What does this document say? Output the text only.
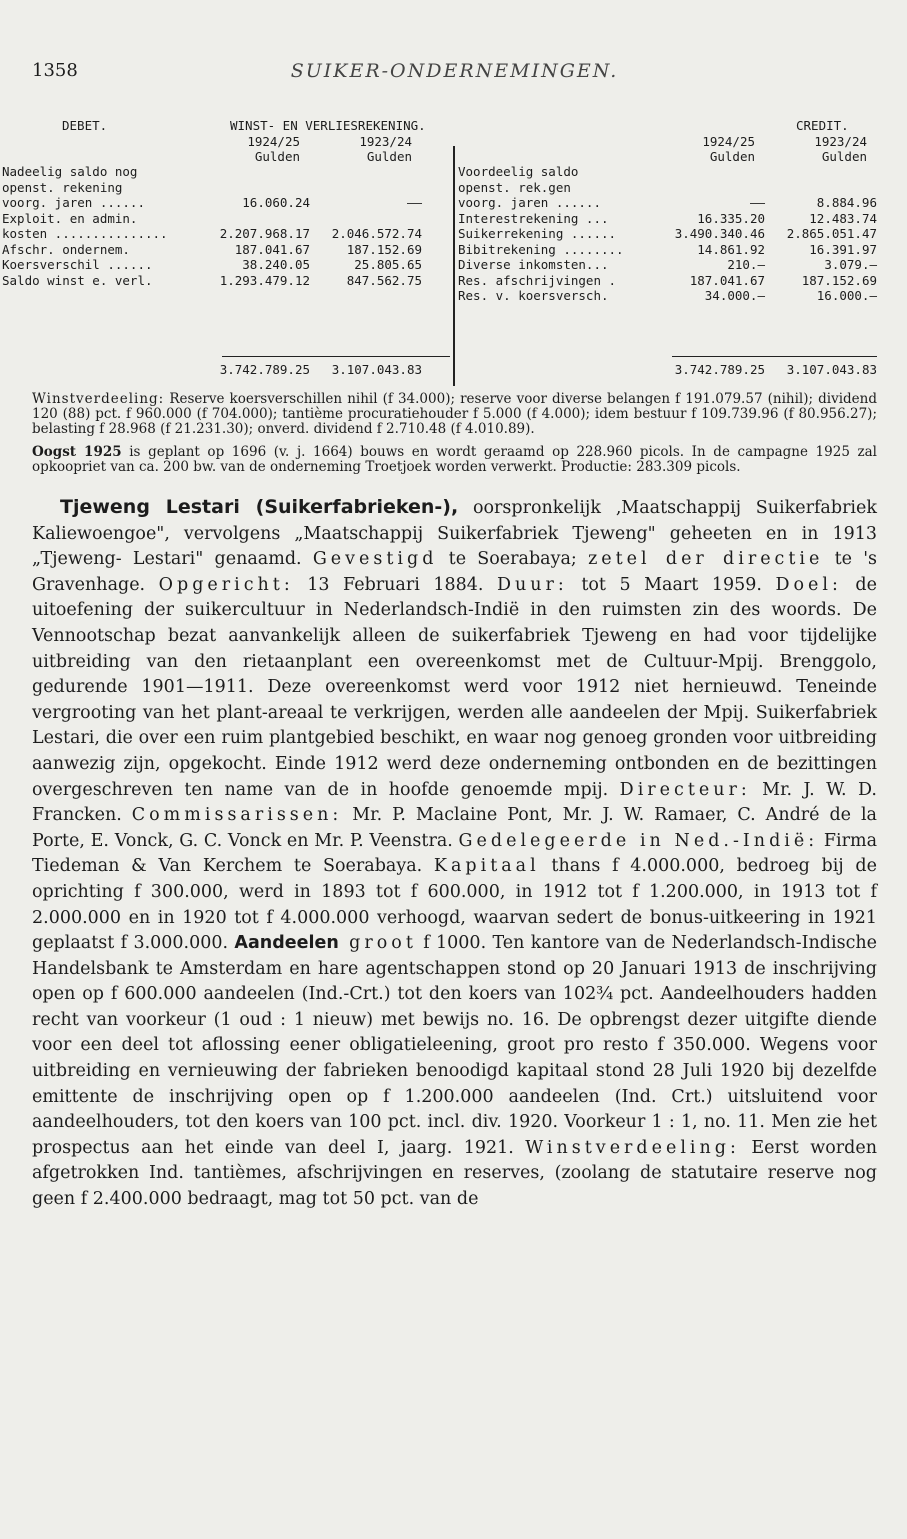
1358	SUIKER-ONDERNEMINGEN.
DEBET.	WINST- EN VERLIESREKENING.	CREDIT.
1924/25	1923/24	1924/25	1923/24
Gulden	Gulden	Gulden	Gulden
Nadeelig saldo nog
openst. rekening
voorg. jaren ......	16.060.24	——
Exploit. en admin.
kosten ...............	2.207.968.17	2.046.572.74
Afschr. ondernem.	187.041.67	187.152.69
Koersverschil ......	38.240.05	25.805.65
Saldo winst e. verl.	1.293.479.12	847.562.75
Voordeelig saldo
openst. rek.gen
voorg. jaren ......	——	8.884.96
Interestrekening ...	16.335.20	12.483.74
Suikerrekening ......	3.490.340.46	2.865.051.47
Bibitrekening ........	14.861.92	16.391.97
Diverse inkomsten...	210.—	3.079.—
Res. afschrijvingen .	187.041.67	187.152.69
Res. v. koersversch.	34.000.—	16.000.—
3.742.789.25	3.107.043.83	3.742.789.25	3.107.043.83

Winstverdeeling: Reserve koersverschillen nihil (f 34.000); reserve voor diverse belangen f 191.079.57 (nihil); dividend 120 (88) pct. f 960.000 (f 704.000); tantième procuratiehouder f 5.000 (f 4.000); idem bestuur f 109.739.96 (f 80.956.27); belasting f 28.968 (f 21.231.30); onverd. dividend f 2.710.48 (f 4.010.89).

Oogst 1925 is geplant op 1696 (v. j. 1664) bouws en wordt geraamd op 228.960 picols. In de campagne 1925 zal opkoopriet van ca. 200 bw. van de onderneming Troetjoek worden verwerkt. Productie: 283.309 picols.

Tjeweng Lestari (Suikerfabrieken-), oorspronkelijk ‚Maatschappij Suikerfabriek Kaliewoengoe", vervolgens „Maatschappij Suikerfabriek Tjeweng" geheeten en in 1913 „Tjeweng- Lestari" genaamd. Gevestigd te Soerabaya; zetel der directie te 's Gravenhage. Opgericht: 13 Februari 1884. Duur: tot 5 Maart 1959. Doel: de uitoefening der suikercultuur in Nederlandsch-Indië in den ruimsten zin des woords. De Vennootschap bezat aanvankelijk alleen de suikerfabriek Tjeweng en had voor tijdelijke uitbreiding van den rietaanplant een overeenkomst met de Cultuur-Mpij. Brenggolo, gedurende 1901—1911. Deze overeenkomst werd voor 1912 niet hernieuwd. Teneinde vergrooting van het plant-areaal te verkrijgen, werden alle aandeelen der Mpij. Suikerfabriek Lestari, die over een ruim plantgebied beschikt, en waar nog genoeg gronden voor uitbreiding aanwezig zijn, opgekocht. Einde 1912 werd deze onderneming ontbonden en de bezittingen overgeschreven ten name van de in hoofde genoemde mpij. Directeur: Mr. J. W. D. Francken. Commissarissen: Mr. P. Maclaine Pont, Mr. J. W. Ramaer, C. André de la Porte, E. Vonck, G. C. Vonck en Mr. P. Veenstra. Gedelegeerde in Ned.-Indië: Firma Tiedeman & Van Kerchem te Soerabaya. Kapitaal thans f 4.000.000, bedroeg bij de oprichting f 300.000, werd in 1893 tot f 600.000, in 1912 tot f 1.200.000, in 1913 tot f 2.000.000 en in 1920 tot f 4.000.000 verhoogd, waarvan sedert de bonus-uitkeering in 1921 geplaatst f 3.000.000. Aandeelen groot f 1000. Ten kantore van de Nederlandsch-Indische Handelsbank te Amsterdam en hare agentschappen stond op 20 Januari 1913 de inschrijving open op f 600.000 aandeelen (Ind.-Crt.) tot den koers van 102¾ pct. Aandeelhouders hadden recht van voorkeur (1 oud : 1 nieuw) met bewijs no. 16. De opbrengst dezer uitgifte diende voor een deel tot aflossing eener obligatieleening, groot pro resto f 350.000. Wegens voor uitbreiding en vernieuwing der fabrieken benoodigd kapitaal stond 28 Juli 1920 bij dezelfde emittente de inschrijving open op f 1.200.000 aandeelen (Ind. Crt.) uitsluitend voor aandeelhouders, tot den koers van 100 pct. incl. div. 1920. Voorkeur 1 : 1, no. 11. Men zie het prospectus aan het einde van deel I, jaarg. 1921. Winstverdeeling: Eerst worden afgetrokken Ind. tantièmes, afschrijvingen en reserves, (zoolang de statutaire reserve nog geen f 2.400.000 bedraagt, mag tot 50 pct. van de
